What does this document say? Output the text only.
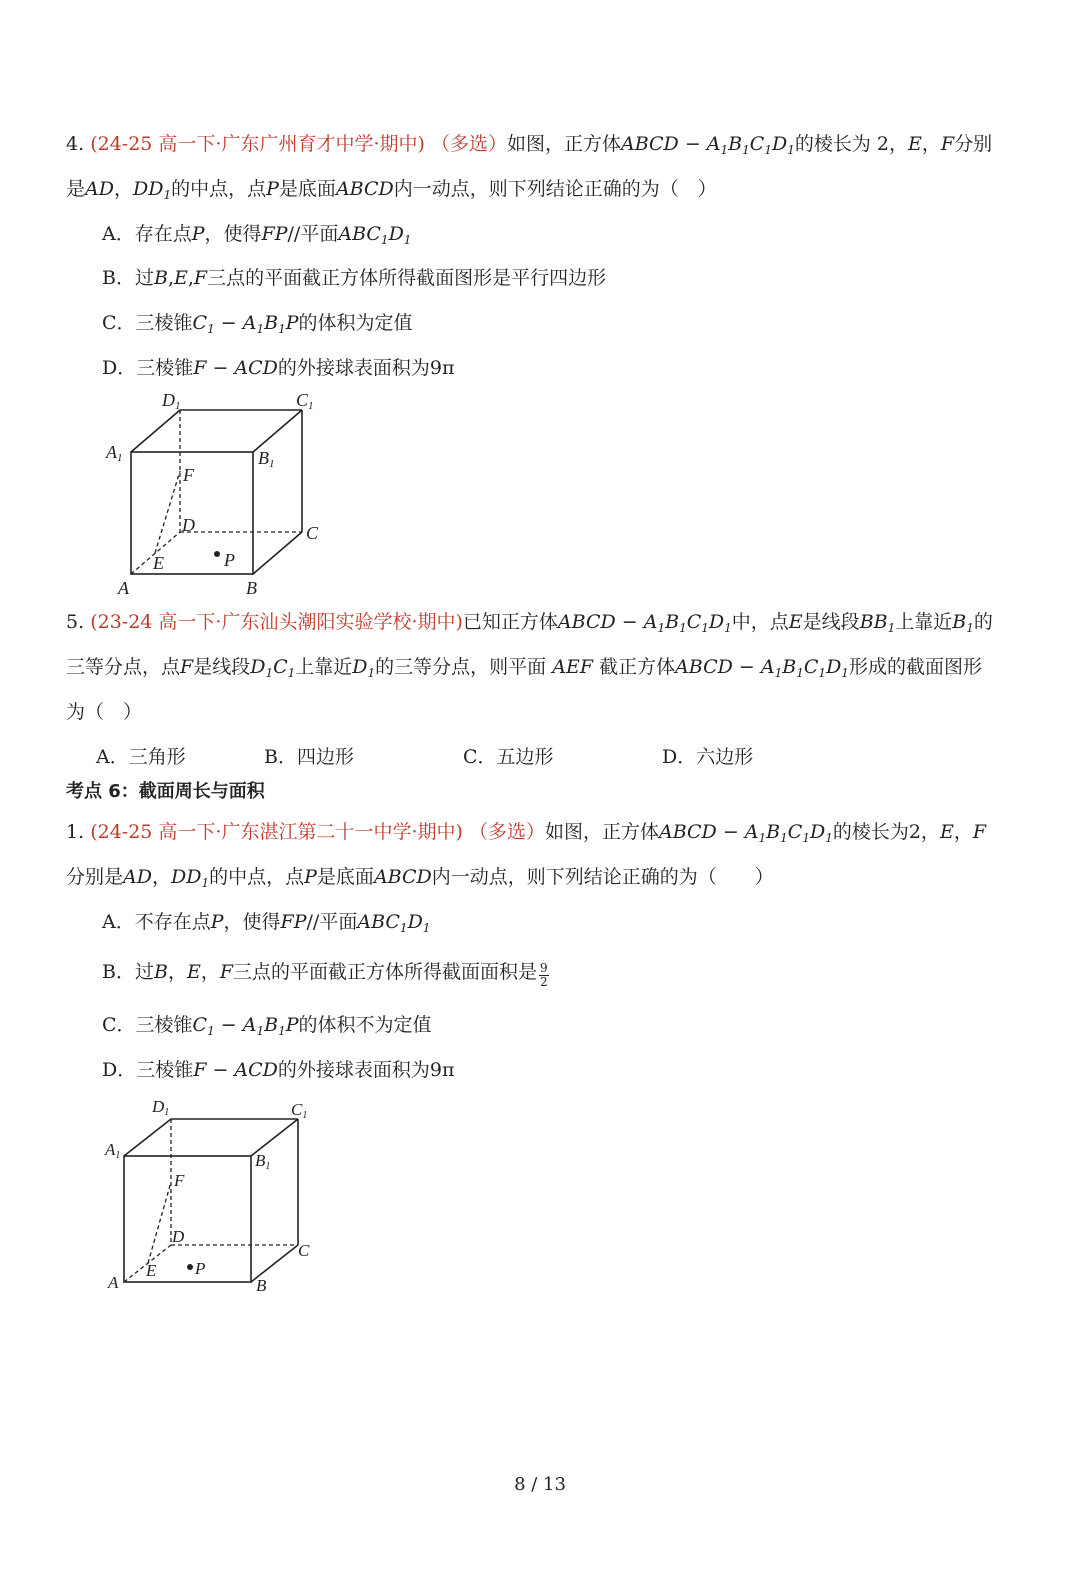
4. (24-25 高一下·广东广州育才中学·期中) （多选）如图，正方体ABCD − $A_1B_1C_1D_1$的棱长为 2，E，F分别
是AD，$DD_1$的中点，点P是底面ABCD内一动点，则下列结论正确的为（　）
A．存在点P，使得FP//平面$ABC_1D_1$
B．过B,E,F三点的平面截正方体所得截面图形是平行四边形
C．三棱锥$C_1 - A_1B_1P$的体积为定值
D．三棱锥F − ACD的外接球表面积为9π
D1	C1
A1	B1
F
D	C
E	P
A	B
5. (23-24 高一下·广东汕头潮阳实验学校·期中)已知正方体ABCD − $A_1B_1C_1D_1$中，点E是线段$BB_1$上靠近$B_1$的
三等分点，点F是线段$D_1C_1$上靠近$D_1$的三等分点，则平面 AEF 截正方体ABCD − $A_1B_1C_1D_1$形成的截面图形
为（　）
A．三角形	B．四边形	C．五边形	D．六边形
考点 6：截面周长与面积
1. (24-25 高一下·广东湛江第二十一中学·期中) （多选）如图，正方体ABCD − $A_1B_1C_1D_1$的棱长为2，E，F
分别是AD，$DD_1$的中点，点P是底面ABCD内一动点，则下列结论正确的为（　　）
A．不存在点P，使得FP//平面$ABC_1D_1$
B．过B，E，F三点的平面截正方体所得截面面积是 $\frac{9}{2}$
C．三棱锥$C_1 - A_1B_1P$的体积不为定值
D．三棱锥F − ACD的外接球表面积为9π
D1	C1
A1	B1
F
D
C
E P
A	B
8 / 13
